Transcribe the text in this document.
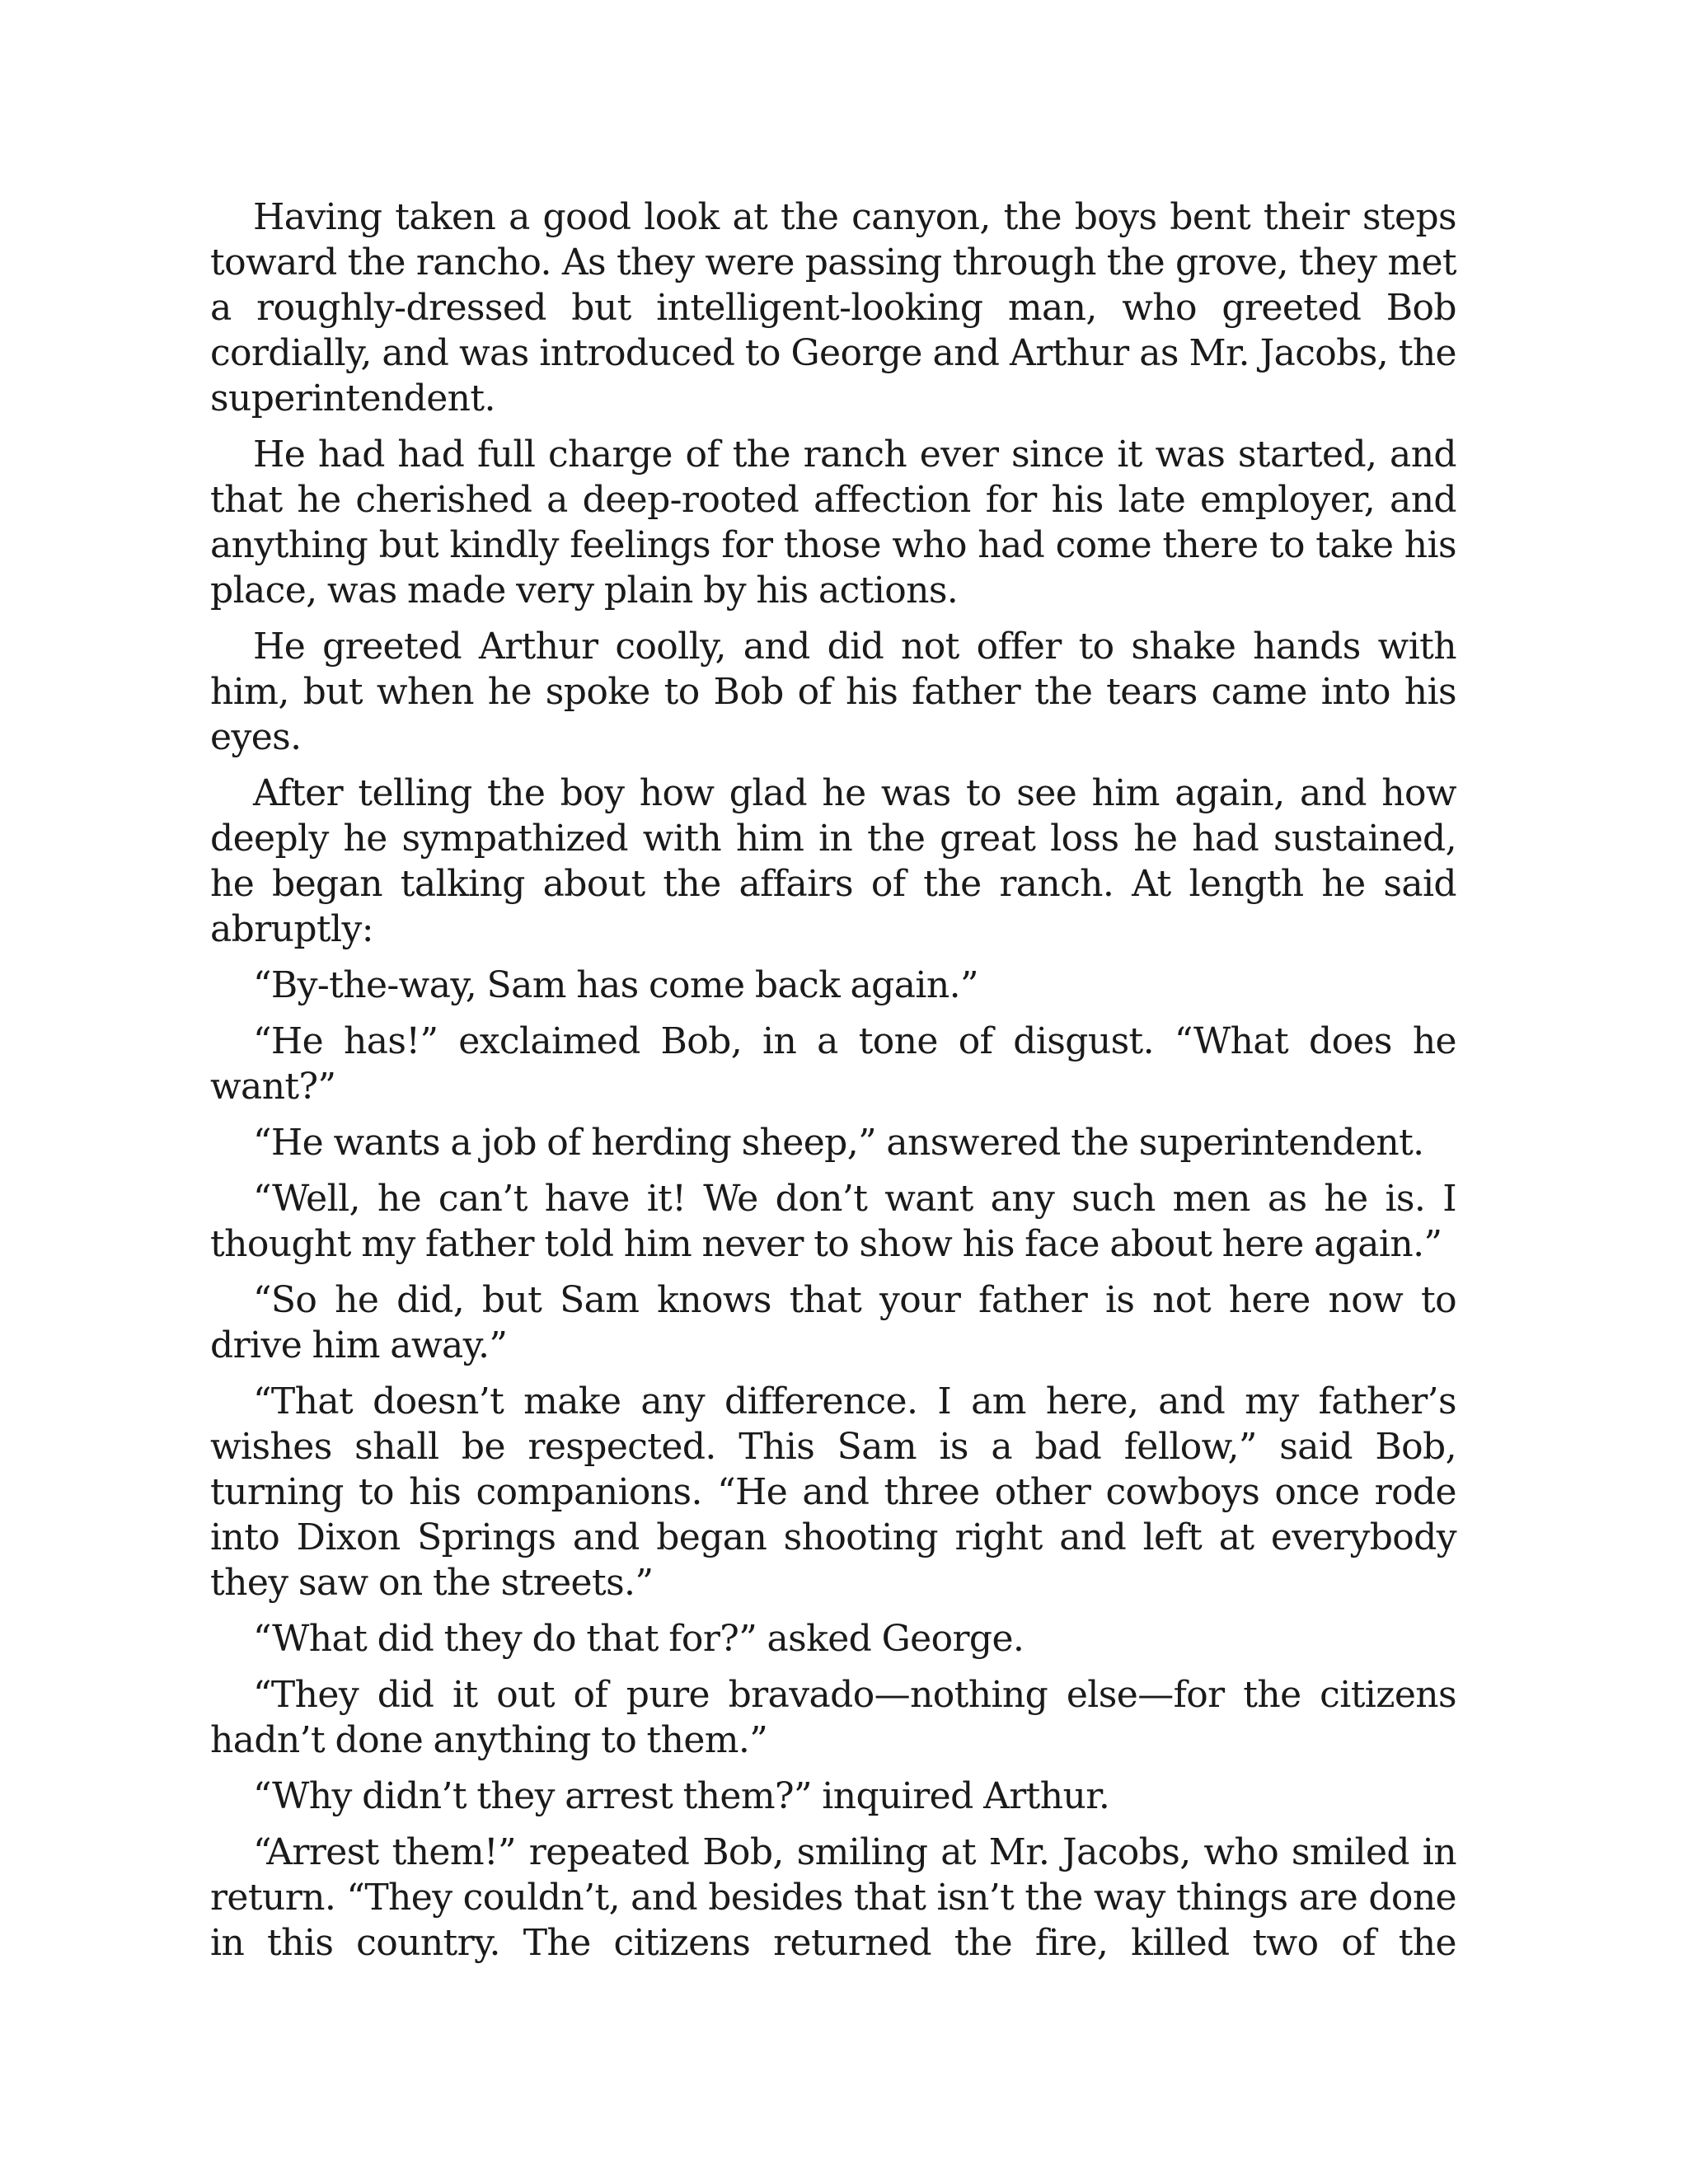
Having taken a good look at the canyon, the boys bent their steps toward the rancho. As they were passing through the grove, they met a roughly-dressed but intelligent-looking man, who greeted Bob cordially, and was introduced to George and Arthur as Mr. Jacobs, the superintendent.

He had had full charge of the ranch ever since it was started, and that he cherished a deep-rooted affection for his late employer, and anything but kindly feelings for those who had come there to take his place, was made very plain by his actions.

He greeted Arthur coolly, and did not offer to shake hands with him, but when he spoke to Bob of his father the tears came into his eyes.

After telling the boy how glad he was to see him again, and how deeply he sympathized with him in the great loss he had sustained, he began talking about the affairs of the ranch. At length he said abruptly:

“By-the-way, Sam has come back again.”

“He has!” exclaimed Bob, in a tone of disgust. “What does he want?”

“He wants a job of herding sheep,” answered the superintendent.

“Well, he can’t have it! We don’t want any such men as he is. I thought my father told him never to show his face about here again.”

“So he did, but Sam knows that your father is not here now to drive him away.”

“That doesn’t make any difference. I am here, and my father’s wishes shall be respected. This Sam is a bad fellow,” said Bob, turning to his companions. “He and three other cowboys once rode into Dixon Springs and began shooting right and left at everybody they saw on the streets.”

“What did they do that for?” asked George.

“They did it out of pure bravado—nothing else—for the citizens hadn’t done anything to them.”

“Why didn’t they arrest them?” inquired Arthur.

“Arrest them!” repeated Bob, smiling at Mr. Jacobs, who smiled in return. “They couldn’t, and besides that isn’t the way things are done in this country. The citizens returned the fire, killed two of the
